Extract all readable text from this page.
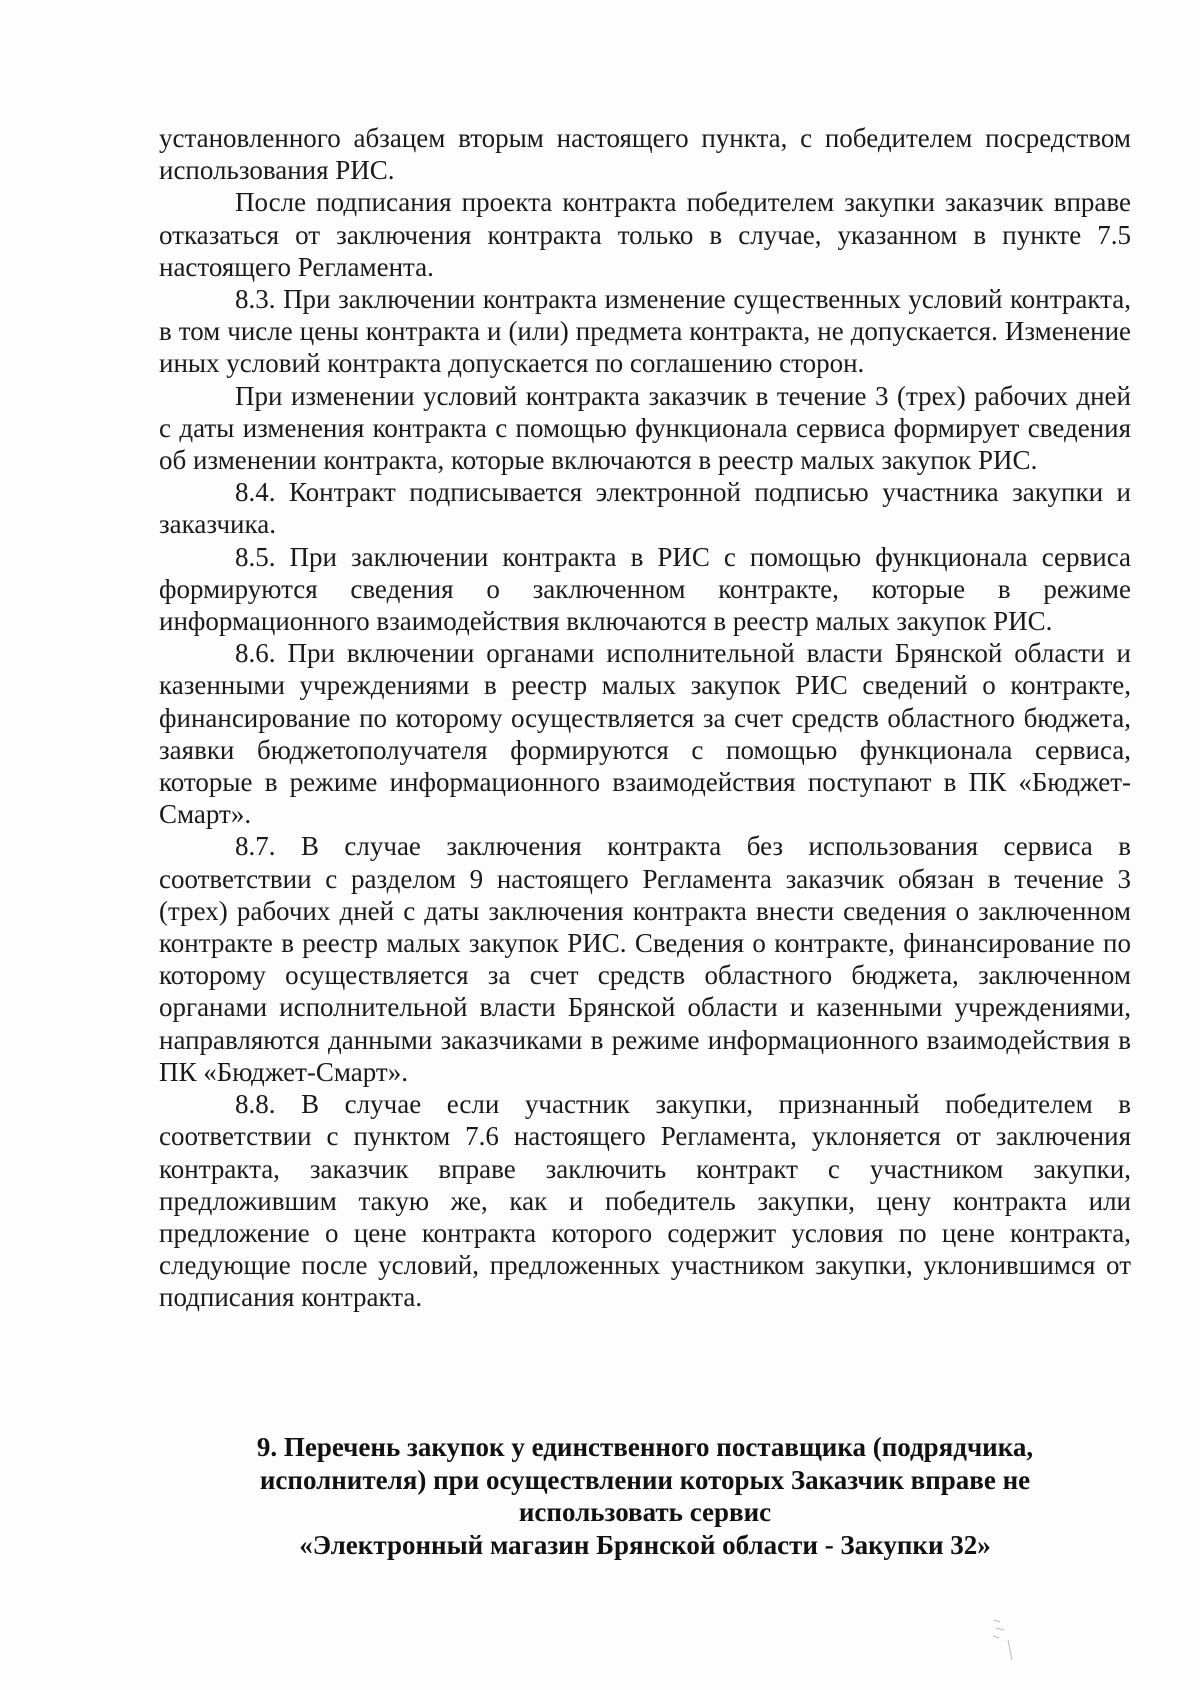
установленного абзацем вторым настоящего пункта, с победителем посредством использования РИС.

После подписания проекта контракта победителем закупки заказчик вправе отказаться от заключения контракта только в случае, указанном в пункте 7.5 настоящего Регламента.

8.3. При заключении контракта изменение существенных условий контракта, в том числе цены контракта и (или) предмета контракта, не допускается. Изменение иных условий контракта допускается по соглашению сторон.

При изменении условий контракта заказчик в течение 3 (трех) рабочих дней с даты изменения контракта с помощью функционала сервиса формирует сведения об изменении контракта, которые включаются в реестр малых закупок РИС.

8.4. Контракт подписывается электронной подписью участника закупки и заказчика.

8.5. При заключении контракта в РИС с помощью функционала сервиса формируются сведения о заключенном контракте, которые в режиме информационного взаимодействия включаются в реестр малых закупок РИС.

8.6. При включении органами исполнительной власти Брянской области и казенными учреждениями в реестр малых закупок РИС сведений о контракте, финансирование по которому осуществляется за счет средств областного бюджета, заявки бюджетополучателя формируются с помощью функционала сервиса, которые в режиме информационного взаимодействия поступают в ПК «Бюджет-Смарт».

8.7. В случае заключения контракта без использования сервиса в соответствии с разделом 9 настоящего Регламента заказчик обязан в течение 3 (трех) рабочих дней с даты заключения контракта внести сведения о заключенном контракте в реестр малых закупок РИС. Сведения о контракте, финансирование по которому осуществляется за счет средств областного бюджета, заключенном органами исполнительной власти Брянской области и казенными учреждениями, направляются данными заказчиками в режиме информационного взаимодействия в ПК «Бюджет-Смарт».

8.8. В случае если участник закупки, признанный победителем в соответствии с пунктом 7.6 настоящего Регламента, уклоняется от заключения контракта, заказчик вправе заключить контракт с участником закупки, предложившим такую же, как и победитель закупки, цену контракта или предложение о цене контракта которого содержит условия по цене контракта, следующие после условий, предложенных участником закупки, уклонившимся от подписания контракта.

9. Перечень закупок у единственного поставщика (подрядчика,
исполнителя) при осуществлении которых Заказчик вправе не
использовать сервис
«Электронный магазин Брянской области - Закупки 32»
